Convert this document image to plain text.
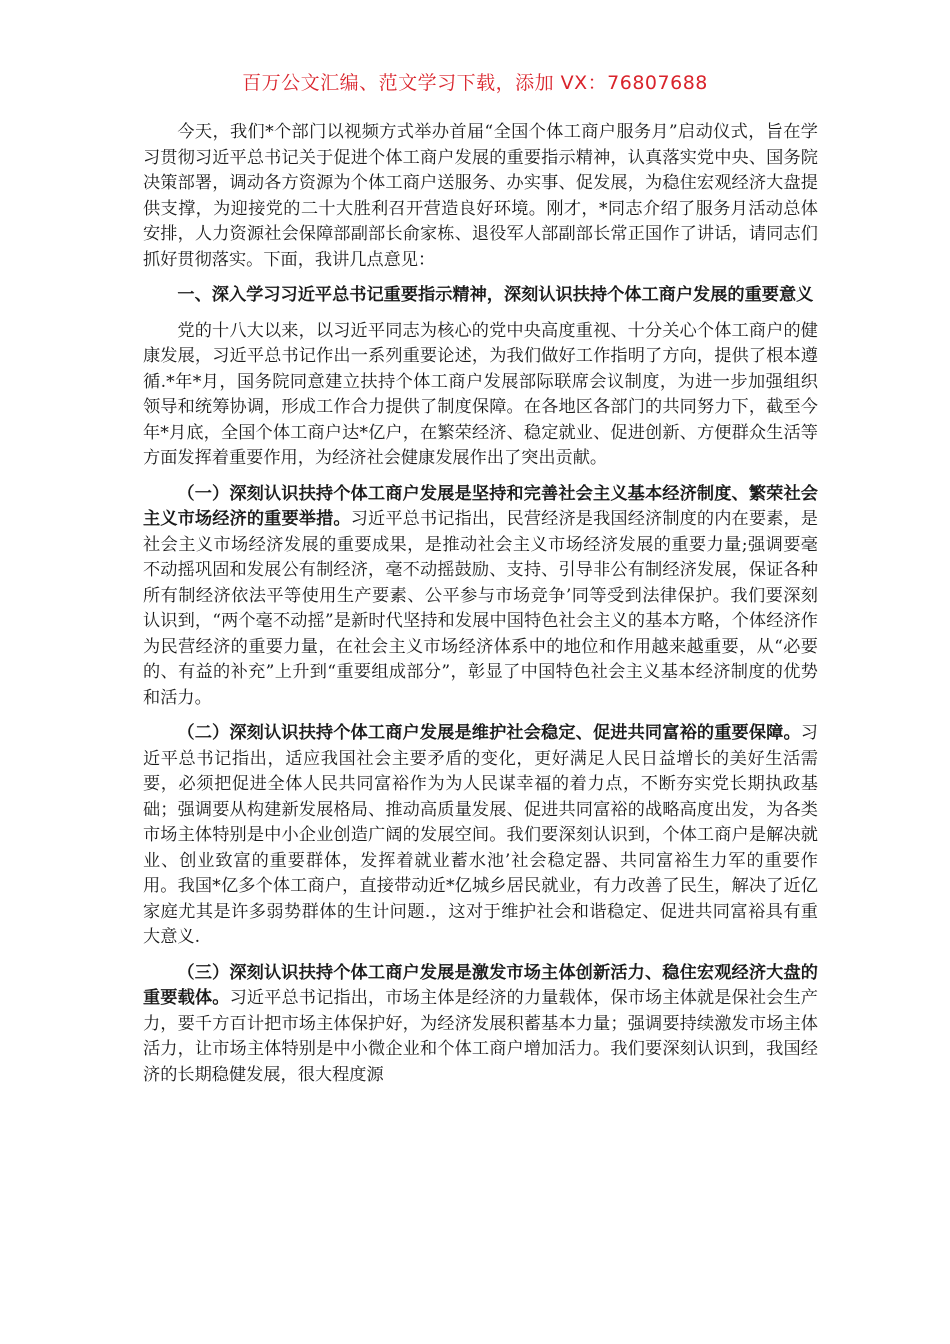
百万公文汇编、范文学习下载，添加 VX：76807688

今天，我们*个部门以视频方式举办首届“全国个体工商户服务月”启动仪式，旨在学习贯彻习近平总书记关于促进个体工商户发展的重要指示精神，认真落实党中央、国务院决策部署，调动各方资源为个体工商户送服务、办实事、促发展，为稳住宏观经济大盘提供支撑，为迎接党的二十大胜利召开营造良好环境。刚才，*同志介绍了服务月活动总体安排，人力资源社会保障部副部长俞家栋、退役军人部副部长常正国作了讲话，请同志们抓好贯彻落实。下面，我讲几点意见：

一、深入学习习近平总书记重要指示精神，深刻认识扶持个体工商户发展的重要意义

党的十八大以来，以习近平同志为核心的党中央高度重视、十分关心个体工商户的健康发展，习近平总书记作出一系列重要论述，为我们做好工作指明了方向，提供了根本遵循.*年*月，国务院同意建立扶持个体工商户发展部际联席会议制度，为进一步加强组织领导和统筹协调，形成工作合力提供了制度保障。在各地区各部门的共同努力下，截至今年*月底，全国个体工商户达*亿户，在繁荣经济、稳定就业、促进创新、方便群众生活等方面发挥着重要作用，为经济社会健康发展作出了突出贡献。

（一）深刻认识扶持个体工商户发展是坚持和完善社会主义基本经济制度、繁荣社会主义市场经济的重要举措。习近平总书记指出，民营经济是我国经济制度的内在要素，是社会主义市场经济发展的重要成果，是推动社会主义市场经济发展的重要力量;强调要毫不动摇巩固和发展公有制经济，毫不动摇鼓励、支持、引导非公有制经济发展，保证各种所有制经济依法平等使用生产要素、公平参与市场竞争’同等受到法律保护。我们要深刻认识到，“两个毫不动摇”是新时代坚持和发展中国特色社会主义的基本方略，个体经济作为民营经济的重要力量，在社会主义市场经济体系中的地位和作用越来越重要，从“必要的、有益的补充”上升到“重要组成部分”，彰显了中国特色社会主义基本经济制度的优势和活力。

（二）深刻认识扶持个体工商户发展是维护社会稳定、促进共同富裕的重要保障。习近平总书记指出，适应我国社会主要矛盾的变化，更好满足人民日益增长的美好生活需要，必须把促进全体人民共同富裕作为为人民谋幸福的着力点，不断夯实党长期执政基础；强调要从构建新发展格局、推动高质量发展、促进共同富裕的战略高度出发，为各类市场主体特别是中小企业创造广阔的发展空间。我们要深刻认识到，个体工商户是解决就业、创业致富的重要群体，发挥着就业蓄水池’社会稳定器、共同富裕生力军的重要作用。我国*亿多个体工商户，直接带动近*亿城乡居民就业，有力改善了民生，解决了近亿家庭尤其是许多弱势群体的生计问题.，这对于维护社会和谐稳定、促进共同富裕具有重大意义.

（三）深刻认识扶持个体工商户发展是激发市场主体创新活力、稳住宏观经济大盘的重要载体。习近平总书记指出，市场主体是经济的力量载体，保市场主体就是保社会生产力，要千方百计把市场主体保护好，为经济发展积蓄基本力量；强调要持续激发市场主体活力，让市场主体特别是中小微企业和个体工商户增加活力。我们要深刻认识到，我国经济的长期稳健发展，很大程度源
